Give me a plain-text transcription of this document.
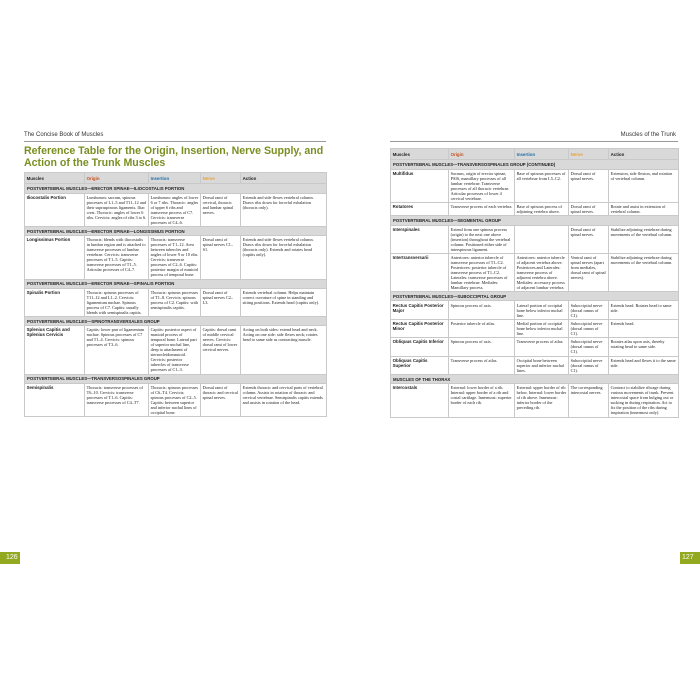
The Concise Book of Muscles
Reference Table for the Origin, Insertion, Nerve Supply, and Action of the Trunk Muscles
Muscles	Origin	Insertion	Nerve	Action
POSTVERTEBRAL MUSCLES—ERECTOR SPINAE—ILIOCOSTALIS PORTION				
Iliocostalis Portion	Lumborum: sacrum, spinous processes of L1–5 and T11–12 and their supraspinous ligaments. Iliac crest. Thoracic: angles of lower 6 ribs. Cervicis: angles of ribs 3 to 6.	Lumborum: angles of lower 6 or 7 ribs. Thoracic: angles of upper 6 ribs and transverse process of C7. Cervicis: transverse processes of C4–6.	Dorsal rami of cervical, thoracic and lumbar spinal nerves.	Extends and side flexes vertebral column. Draws ribs down for forceful exhalation (thoracis only).
POSTVERTEBRAL MUSCLES—ERECTOR SPINAE—LONGISSIMUS PORTION				
Longissimus Portion	Thoracis: blends with iliocostalis in lumbar region and is attached to transverse processes of lumbar vertebrae. Cervicis: transverse processes of T1–5. Capitis: transverse processes of T1–5. Articular processes of C4–7.	Thoracis: transverse processes of T1–12. Area between tubercles and angles of lower 9 or 10 ribs. Cervicis: transverse processes of C2–6. Capitis: posterior margin of mastoid process of temporal bone.	Dorsal rami of spinal nerves C1–S1.	Extends and side flexes vertebral column. Draws ribs down for forceful exhalation (thoracis only). Extends and rotates head (capitis only).
POSTVERTEBRAL MUSCLES—ERECTOR SPINAE—SPINALIS PORTION				
Spinalis Portion	Thoracis: spinous processes of T11–12 and L1–2. Cervicis: ligamentum nuchae. Spinous process of C7. Capitis: usually blends with semispinalis capitis.	Thoracis: spinous processes of T1–8. Cervicis: spinous process of C2. Capitis: with semispinalis capitis.	Dorsal rami of spinal nerves C2–L3.	Extends vertebral column. Helps maintain correct curvature of spine in standing and sitting positions. Extends head (capitis only).
POSTVERTEBRAL MUSCLES—SPINOTRANSVERSALES GROUP				
Splenius Capitis and Splenius Cervicis	Capitis: lower part of ligamentum nuchae. Spinous processes of C7 and T1–4. Cervicis: spinous processes of T3–6.	Capitis: posterior aspect of mastoid process of temporal bone. Lateral part of superior nuchal line, deep to attachment of sternocleidomastoid. Cervicis: posterior tubercles of transverse processes of C1–3.	Capitis: dorsal rami of middle cervical nerves. Cervicis: dorsal rami of lower cervical nerves.	Acting on both sides: extend head and neck. Acting on one side: side flexes neck; rotates head to same side as contracting muscle.
POSTVERTEBRAL MUSCLES—TRANSVERSOSPINALES GROUP				
Semispinalis	Thoracis: transverse processes of T6–10. Cervicis: transverse processes of T1–6. Capitis: transverse processes of C4–T7.	Thoracis: spinous processes of C6–T4. Cervicis: spinous processes of C2–5. Capitis: between superior and inferior nuchal lines of occipital bone.	Dorsal rami of thoracic and cervical spinal nerves.	Extends thoracic and cervical parts of vertebral column. Assists in rotation of thoracic and cervical vertebrae. Semispinalis capitis extends and assists in rotation of the head.
Muscles of the Trunk
Muscles	Origin	Insertion	Nerve	Action
POSTVERTEBRAL MUSCLES—TRANSVERSOSPINALES GROUP (CONTINUED)				
Multifidus	Sacrum, origin of erector spinae, PSIS, mamillary processes of all lumbar vertebrae. Transverse processes of all thoracic vertebrae. Articular processes of lower 4 cervical vertebrae.	Base of spinous processes of all vertebrae from L5–C2.	Dorsal rami of spinal nerves.	Extension, side flexion, and rotation of vertebral column.
Rotatores	Transverse process of each vertebra.	Base of spinous process of adjoining vertebra above.	Dorsal rami of spinal nerves.	Rotate and assist in extension of vertebral column.
POSTVERTEBRAL MUSCLES—SEGMENTAL GROUP				
Interspinales	Extend from one spinous process (origin) to the next one above (insertion) throughout the vertebral column. Positioned either side of interspinous ligament.		Dorsal rami of spinal nerves.	Stabilize adjoining vertebrae during movements of the vertebral column.
Intertransversarii	Anteriores: anterior tubercle of transverse processes of T1–C2. Posteriores: posterior tubercle of transverse process of T1–C2. Laterales: transverse processes of lumbar vertebrae. Mediales: Mamillary process.	Anteriores: anterior tubercle of adjacent vertebra above. Posteriores and Laterales: transverse process of adjacent vertebra above. Mediales: accessory process of adjacent lumbar vertebra.	Ventral rami of spinal nerves (apart from mediales, dorsal rami of spinal nerves).	Stabilize adjoining vertebrae during movements of the vertebral column.
POSTVERTEBRAL MUSCLES—SUBOCCIPITAL GROUP				
Rectus Capitis Posterior Major	Spinous process of axis.	Lateral portion of occipital bone below inferior nuchal line.	Suboccipital nerve (dorsal ramus of C1).	Extends head. Rotates head to same side.
Rectus Capitis Posterior Minor	Posterior tubercle of atlas.	Medial portion of occipital bone below inferior nuchal line.	Suboccipital nerve (dorsal ramus of C1).	Extends head.
Obliquus Capitis Inferior	Spinous process of axis.	Transverse process of atlas.	Suboccipital nerve (dorsal ramus of C1).	Rotates atlas upon axis, thereby rotating head to same side.
Obliquus Capitis Superior	Transverse process of atlas.	Occipital bone between superior and inferior nuchal lines.	Suboccipital nerve (dorsal ramus of C1).	Extends head and flexes it to the same side.
MUSCLES OF THE THORAX				
Intercostals	External: lower border of a rib. Internal: upper border of a rib and costal cartilage. Innermost: superior border of each rib.	External: upper border of rib below. Internal: lower border of rib above. Innermost: inferior border of the preceding rib.	The corresponding intercostal nerves.	Contract to stabilize ribcage during various movements of trunk. Prevent intercostal space from bulging out or sucking in during respiration. Act to fix the position of the ribs during inspiration (innermost only).
126	127
